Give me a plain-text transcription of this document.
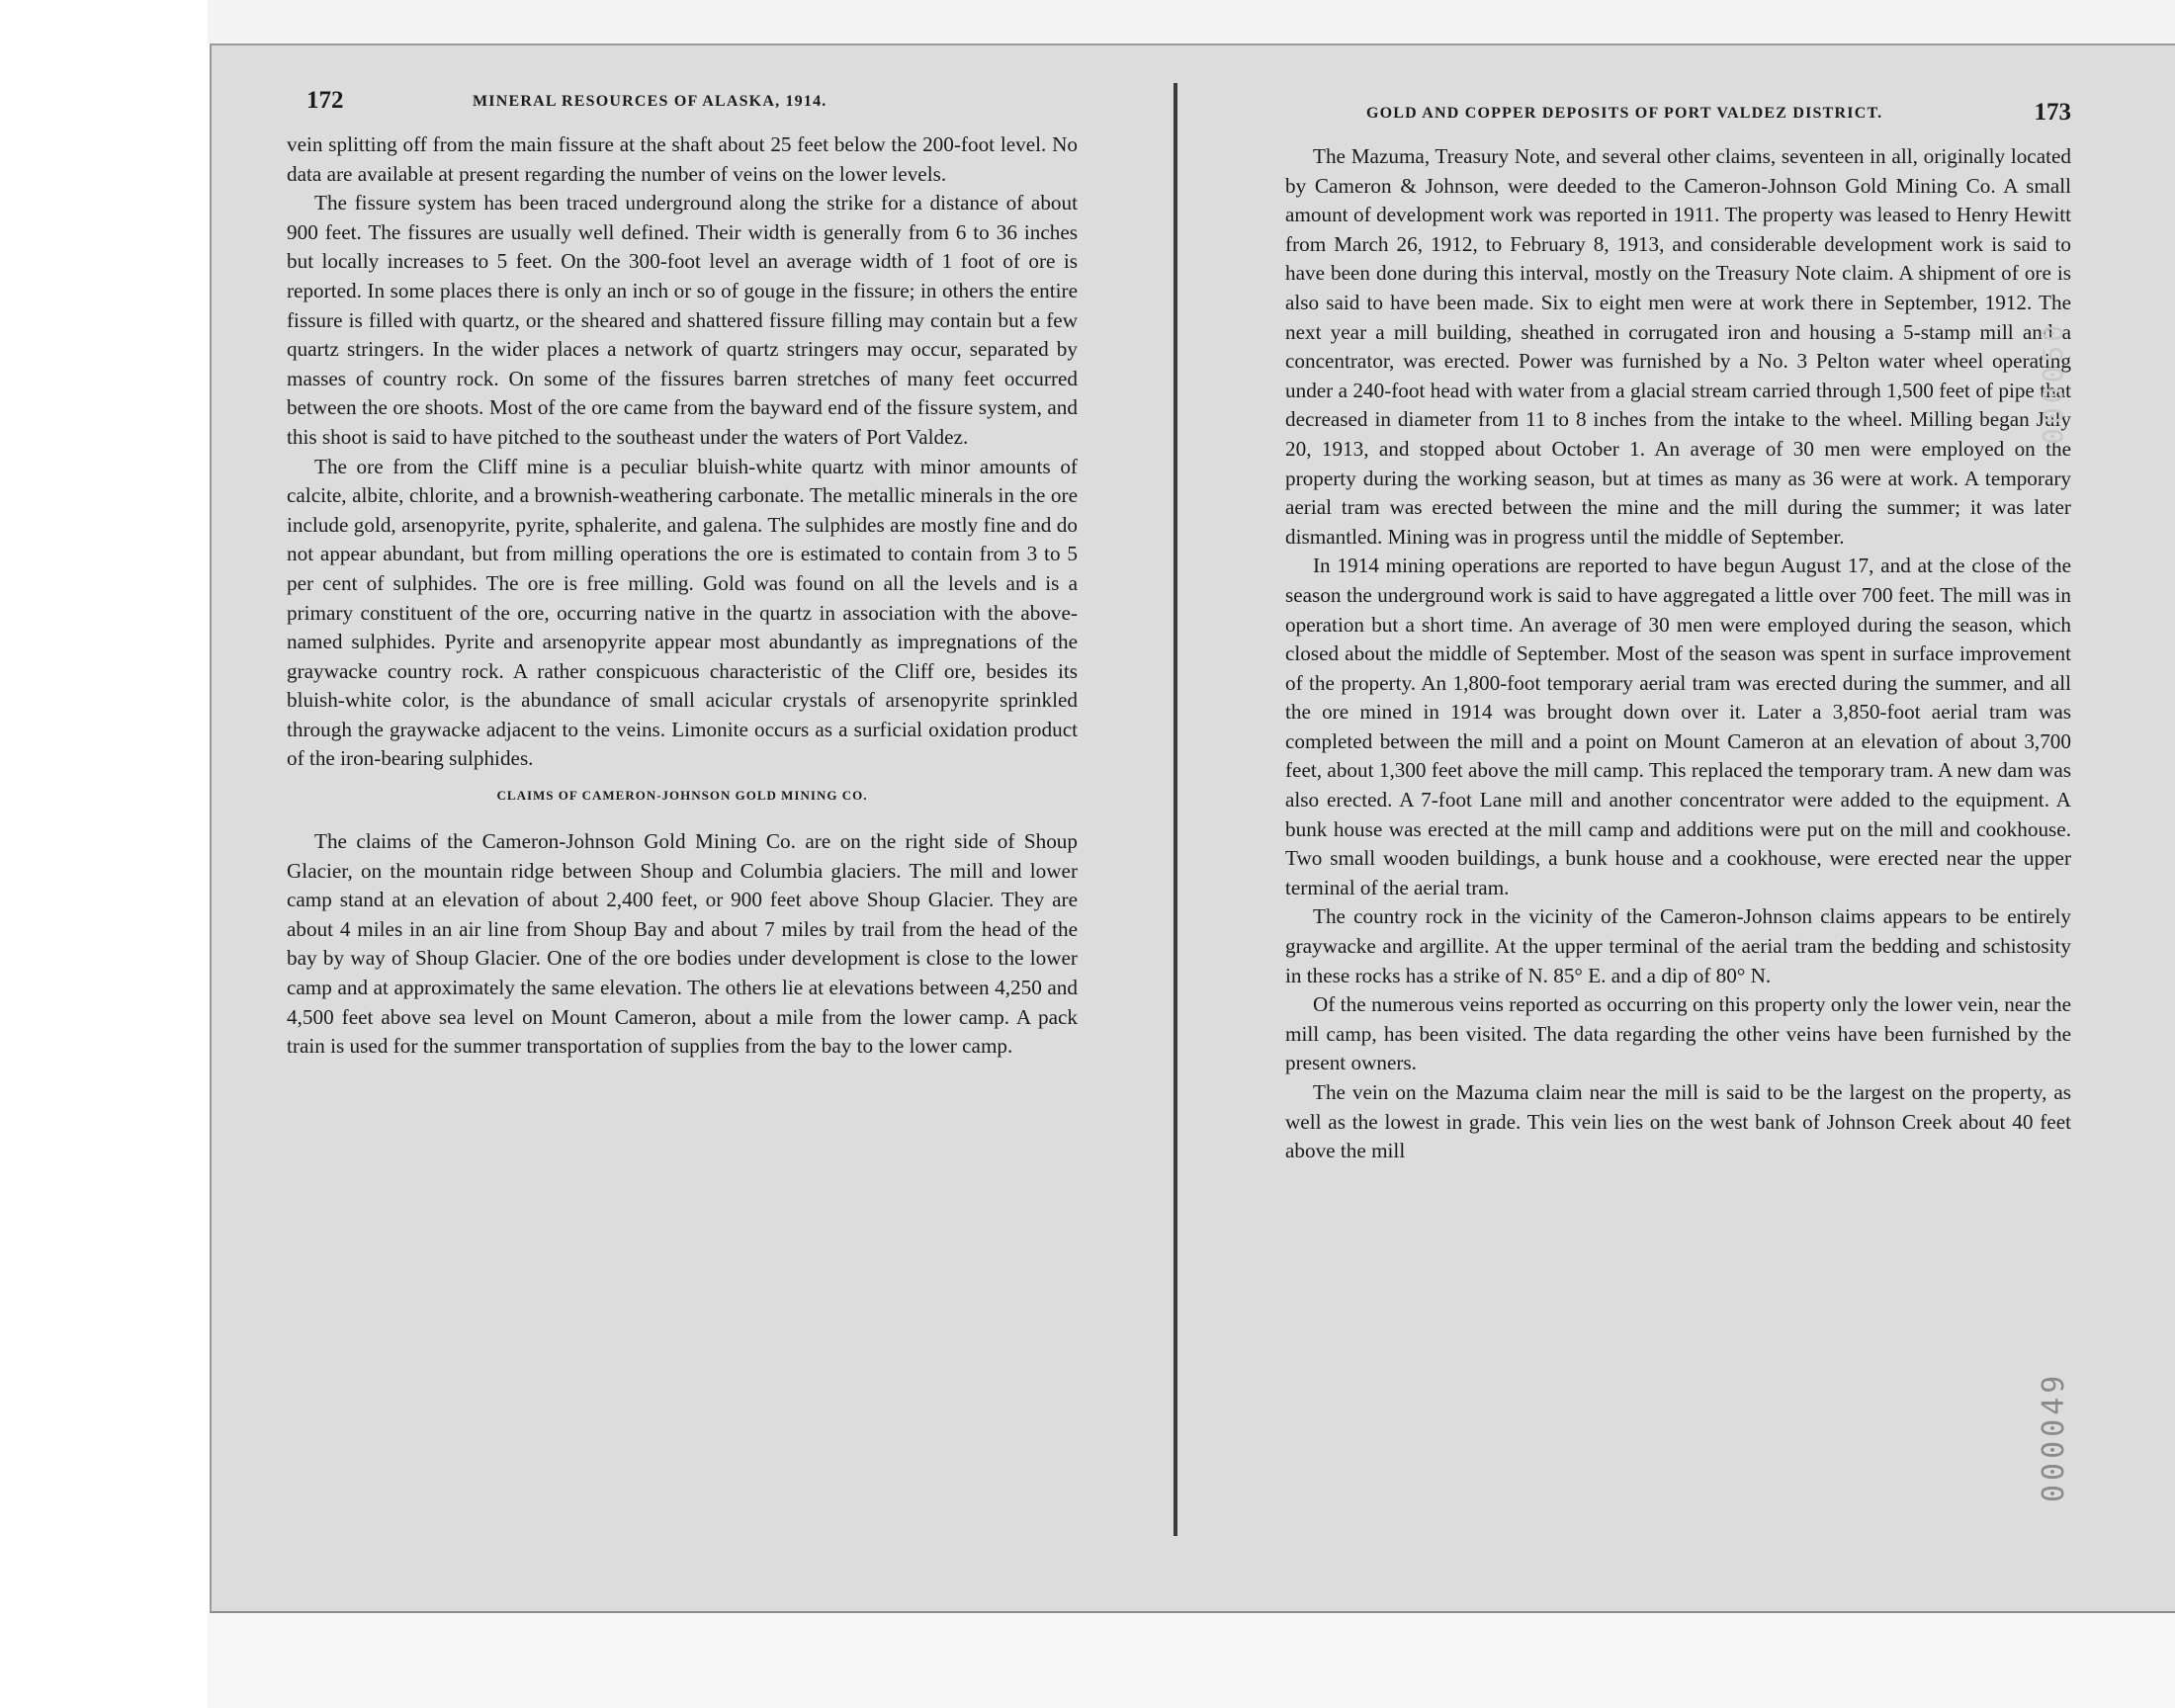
172	MINERAL RESOURCES OF ALASKA, 1914.

vein splitting off from the main fissure at the shaft about 25 feet below the 200-foot level. No data are available at present regarding the number of veins on the lower levels.

The fissure system has been traced underground along the strike for a distance of about 900 feet. The fissures are usually well defined. Their width is generally from 6 to 36 inches but locally increases to 5 feet. On the 300-foot level an average width of 1 foot of ore is reported. In some places there is only an inch or so of gouge in the fissure; in others the entire fissure is filled with quartz, or the sheared and shattered fissure filling may contain but a few quartz stringers. In the wider places a network of quartz stringers may occur, separated by masses of country rock. On some of the fissures barren stretches of many feet occurred between the ore shoots. Most of the ore came from the bayward end of the fissure system, and this shoot is said to have pitched to the southeast under the waters of Port Valdez.

The ore from the Cliff mine is a peculiar bluish-white quartz with minor amounts of calcite, albite, chlorite, and a brownish-weathering carbonate. The metallic minerals in the ore include gold, arsenopyrite, pyrite, sphalerite, and galena. The sulphides are mostly fine and do not appear abundant, but from milling operations the ore is estimated to contain from 3 to 5 per cent of sulphides. The ore is free milling. Gold was found on all the levels and is a primary constituent of the ore, occurring native in the quartz in association with the above-named sulphides. Pyrite and arsenopyrite appear most abundantly as impregnations of the graywacke country rock. A rather conspicuous characteristic of the Cliff ore, besides its bluish-white color, is the abundance of small acicular crystals of arsenopyrite sprinkled through the graywacke adjacent to the veins. Limonite occurs as a surficial oxidation product of the iron-bearing sulphides.

CLAIMS OF CAMERON-JOHNSON GOLD MINING CO.

The claims of the Cameron-Johnson Gold Mining Co. are on the right side of Shoup Glacier, on the mountain ridge between Shoup and Columbia glaciers. The mill and lower camp stand at an elevation of about 2,400 feet, or 900 feet above Shoup Glacier. They are about 4 miles in an air line from Shoup Bay and about 7 miles by trail from the head of the bay by way of Shoup Glacier. One of the ore bodies under development is close to the lower camp and at approximately the same elevation. The others lie at elevations between 4,250 and 4,500 feet above sea level on Mount Cameron, about a mile from the lower camp. A pack train is used for the summer transportation of supplies from the bay to the lower camp.

GOLD AND COPPER DEPOSITS OF PORT VALDEZ DISTRICT.	173

The Mazuma, Treasury Note, and several other claims, seventeen in all, originally located by Cameron & Johnson, were deeded to the Cameron-Johnson Gold Mining Co. A small amount of development work was reported in 1911. The property was leased to Henry Hewitt from March 26, 1912, to February 8, 1913, and considerable development work is said to have been done during this interval, mostly on the Treasury Note claim. A shipment of ore is also said to have been made. Six to eight men were at work there in September, 1912. The next year a mill building, sheathed in corrugated iron and housing a 5-stamp mill and a concentrator, was erected. Power was furnished by a No. 3 Pelton water wheel operating under a 240-foot head with water from a glacial stream carried through 1,500 feet of pipe that decreased in diameter from 11 to 8 inches from the intake to the wheel. Milling began July 20, 1913, and stopped about October 1. An average of 30 men were employed on the property during the working season, but at times as many as 36 were at work. A temporary aerial tram was erected between the mine and the mill during the summer; it was later dismantled. Mining was in progress until the middle of September.

In 1914 mining operations are reported to have begun August 17, and at the close of the season the underground work is said to have aggregated a little over 700 feet. The mill was in operation but a short time. An average of 30 men were employed during the season, which closed about the middle of September. Most of the season was spent in surface improvement of the property. An 1,800-foot temporary aerial tram was erected during the summer, and all the ore mined in 1914 was brought down over it. Later a 3,850-foot aerial tram was completed between the mill and a point on Mount Cameron at an elevation of about 3,700 feet, about 1,300 feet above the mill camp. This replaced the temporary tram. A new dam was also erected. A 7-foot Lane mill and another concentrator were added to the equipment. A bunk house was erected at the mill camp and additions were put on the mill and cookhouse. Two small wooden buildings, a bunk house and a cookhouse, were erected near the upper terminal of the aerial tram.

The country rock in the vicinity of the Cameron-Johnson claims appears to be entirely graywacke and argillite. At the upper terminal of the aerial tram the bedding and schistosity in these rocks has a strike of N. 85° E. and a dip of 80° N.

Of the numerous veins reported as occurring on this property only the lower vein, near the mill camp, has been visited. The data regarding the other veins have been furnished by the present owners.

The vein on the Mazuma claim near the mill is said to be the largest on the property, as well as the lowest in grade. This vein lies on the west bank of Johnson Creek about 40 feet above the mill

000050
000049
